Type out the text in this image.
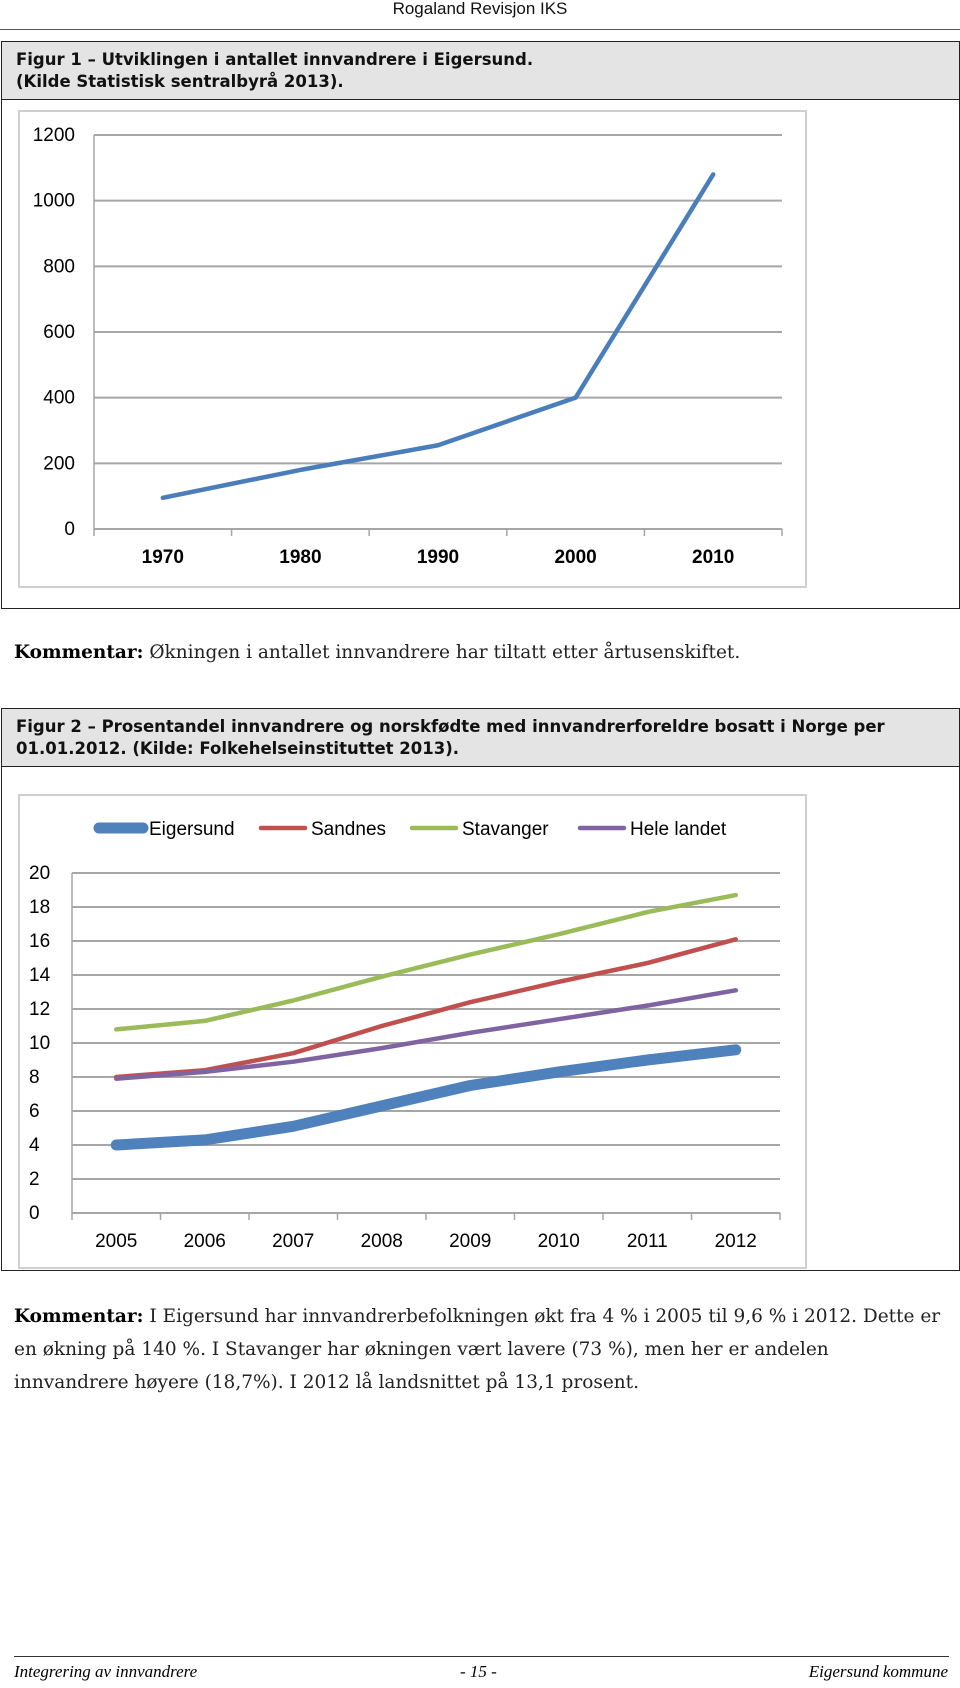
Rogaland Revisjon IKS
Figur 1 – Utviklingen i antallet innvandrere i Eigersund.
(Kilde Statistisk sentralbyrå 2013).
0
200
400
600
800
1000
1200
1970	1980	1990	2000	2010
Kommentar: Økningen i antallet innvandrere har tiltatt etter årtusenskiftet.
Figur 2 – Prosentandel innvandrere og norskfødte med innvandrerforeldre bosatt i Norge per
01.01.2012. (Kilde: Folkehelseinstituttet 2013).
0
2
4
6
8
10
12
14
16
18
20
2005 2006 2007 2008 2009 2010 2011 2012
Eigersund	Sandnes	Stavanger	Hele landet
Kommentar: I Eigersund har innvandrerbefolkningen økt fra 4 % i 2005 til 9,6 % i 2012. Dette er en økning på 140 %. I Stavanger har økningen vært lavere (73 %), men her er andelen innvandrere høyere (18,7%). I 2012 lå landsnittet på 13,1 prosent.
Integrering av innvandrere	- 15 -	Eigersund kommune
